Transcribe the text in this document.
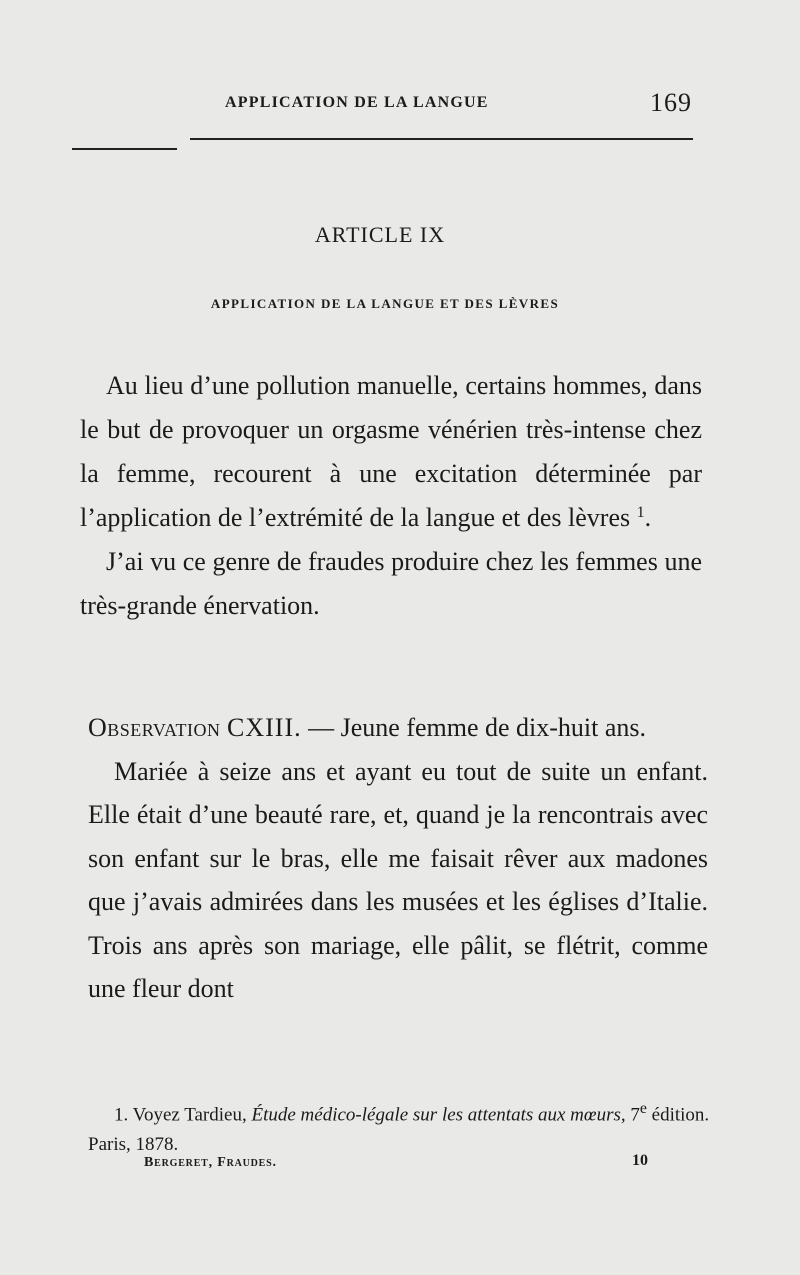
APPLICATION DE LA LANGUE	169
ARTICLE IX
APPLICATION DE LA LANGUE ET DES LÈVRES

Au lieu d’une pollution manuelle, certains hommes, dans le but de provoquer un orgasme vénérien très-intense chez la femme, recourent à une excitation déterminée par l’application de l’extrémité de la langue et des lèvres $^1$.

J’ai vu ce genre de fraudes produire chez les femmes une très-grande énervation.

Observation CXIII. — Jeune femme de dix-huit ans.

Mariée à seize ans et ayant eu tout de suite un enfant. Elle était d’une beauté rare, et, quand je la rencontrais avec son enfant sur le bras, elle me faisait rêver aux madones que j’avais admirées dans les musées et les églises d’Italie. Trois ans après son mariage, elle pâlit, se flétrit, comme une fleur dont

1. Voyez Tardieu, Étude médico-légale sur les attentats aux mœurs, 7e édition. Paris, 1878.

Bergeret, Fraudes.	10
